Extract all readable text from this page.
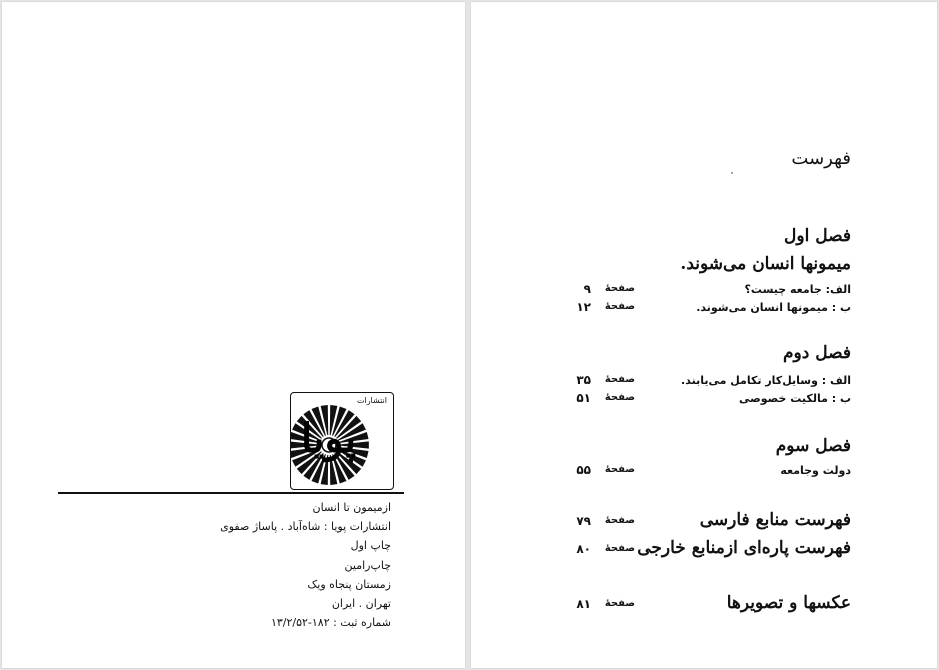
انتشارات
پویا
ازمیمون تا انسان
انتشارات پویا : شاه‌آباد . پاساژ صفوی
چاپ اول
چاپ‌رامین
زمستان پنجاه ویک
تهران . ایران
شماره ثبت : ۱۸۲-۱۳/۲/۵۲
فهرست
فصل اول
میمونها انسان می‌شوند.
الف: جامعه چیست؟
صفحهٔ
۹
ب : میمونها انسان می‌شوند.
صفحهٔ
۱۲
فصل دوم
الف : وسایل‌کار تکامل می‌یابند.
صفحهٔ
۳۵
ب : مالکیت خصوصی
صفحهٔ
۵۱
فصل سوم
دولت وجامعه
صفحهٔ
۵۵
فهرست منابع فارسی
صفحهٔ
۷۹
فهرست پاره‌ای ازمنابع خارجی
صفحهٔ
۸۰
عکسها و تصویرها
صفحهٔ
۸۱
